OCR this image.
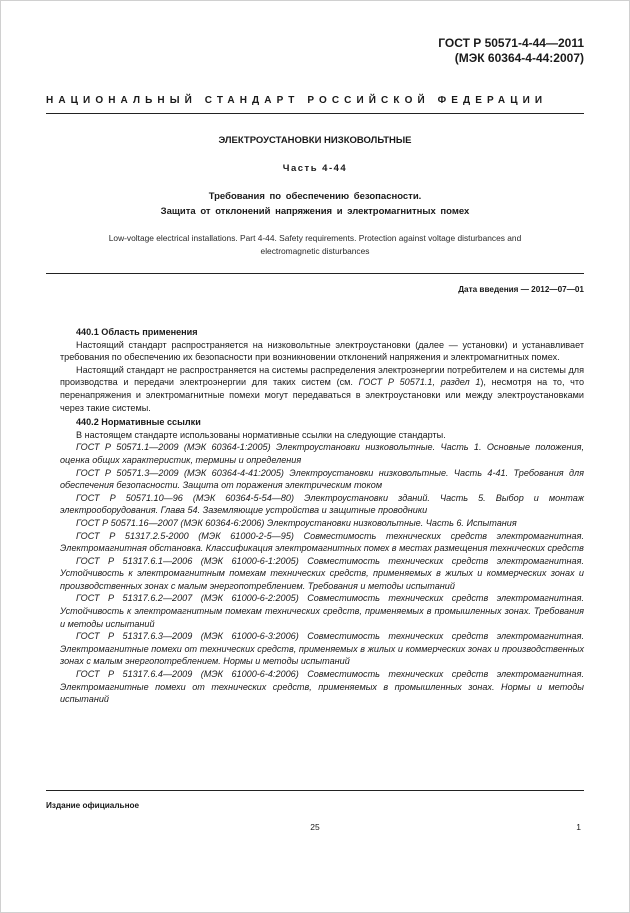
ГОСТ Р 50571-4-44—2011
(МЭК 60364-4-44:2007)
НАЦИОНАЛЬНЫЙ СТАНДАРТ РОССИЙСКОЙ ФЕДЕРАЦИИ
ЭЛЕКТРОУСТАНОВКИ НИЗКОВОЛЬТНЫЕ
Часть 4-44
Требования по обеспечению безопасности.
Защита от отклонений напряжения и электромагнитных помех
Low-voltage electrical installations. Part 4-44. Safety requirements. Protection against voltage disturbances and
electromagnetic disturbances
Дата введения — 2012—07—01

440.1 Область применения

Настоящий стандарт распространяется на низковольтные электроустановки (далее — установки) и устанавливает требования по обеспечению их безопасности при возникновении отклонений напряжения и электромагнитных помех.

Настоящий стандарт не распространяется на системы распределения электроэнергии потребителем и на системы для производства и передачи электроэнергии для таких систем (см. ГОСТ Р 50571.1, раздел 1), несмотря на то, что перенапряжения и электромагнитные помехи могут передаваться в электроустановки или между электроустановками через такие системы.

440.2 Нормативные ссылки

В настоящем стандарте использованы нормативные ссылки на следующие стандарты.

ГОСТ Р 50571.1—2009 (МЭК 60364-1:2005) Электроустановки низковольтные. Часть 1. Основные положения, оценка общих характеристик, термины и определения

ГОСТ Р 50571.3—2009 (МЭК 60364-4-41:2005) Электроустановки низковольтные. Часть 4-41. Требования для обеспечения безопасности. Защита от поражения электрическим током

ГОСТ Р 50571.10—96 (МЭК 60364-5-54—80) Электроустановки зданий. Часть 5. Выбор и монтаж электрооборудования. Глава 54. Заземляющие устройства и защитные проводники

ГОСТ Р 50571.16—2007 (МЭК 60364-6:2006) Электроустановки низковольтные. Часть 6. Испытания

ГОСТ Р 51317.2.5-2000 (МЭК 61000-2-5—95) Совместимость технических средств электромагнитная. Электромагнитная обстановка. Классификация электромагнитных помех в местах размещения технических средств

ГОСТ Р 51317.6.1—2006 (МЭК 61000-6-1:2005) Совместимость технических средств электромагнитная. Устойчивость к электромагнитным помехам технических средств, применяемых в жилых и коммерческих зонах и производственных зонах с малым энергопотреблением. Требования и методы испытаний

ГОСТ Р 51317.6.2—2007 (МЭК 61000-6-2:2005) Совместимость технических средств электромагнитная. Устойчивость к электромагнитным помехам технических средств, применяемых в промышленных зонах. Требования и методы испытаний

ГОСТ Р 51317.6.3—2009 (МЭК 61000-6-3:2006) Совместимость технических средств электромагнитная. Электромагнитные помехи от технических средств, применяемых в жилых и коммерческих зонах и производственных зонах с малым энергопотреблением. Нормы и методы испытаний

ГОСТ Р 51317.6.4—2009 (МЭК 61000-6-4:2006) Совместимость технических средств электромагнитная. Электромагнитные помехи от технических средств, применяемых в промышленных зонах. Нормы и методы испытаний

Издание официальное
25	1
